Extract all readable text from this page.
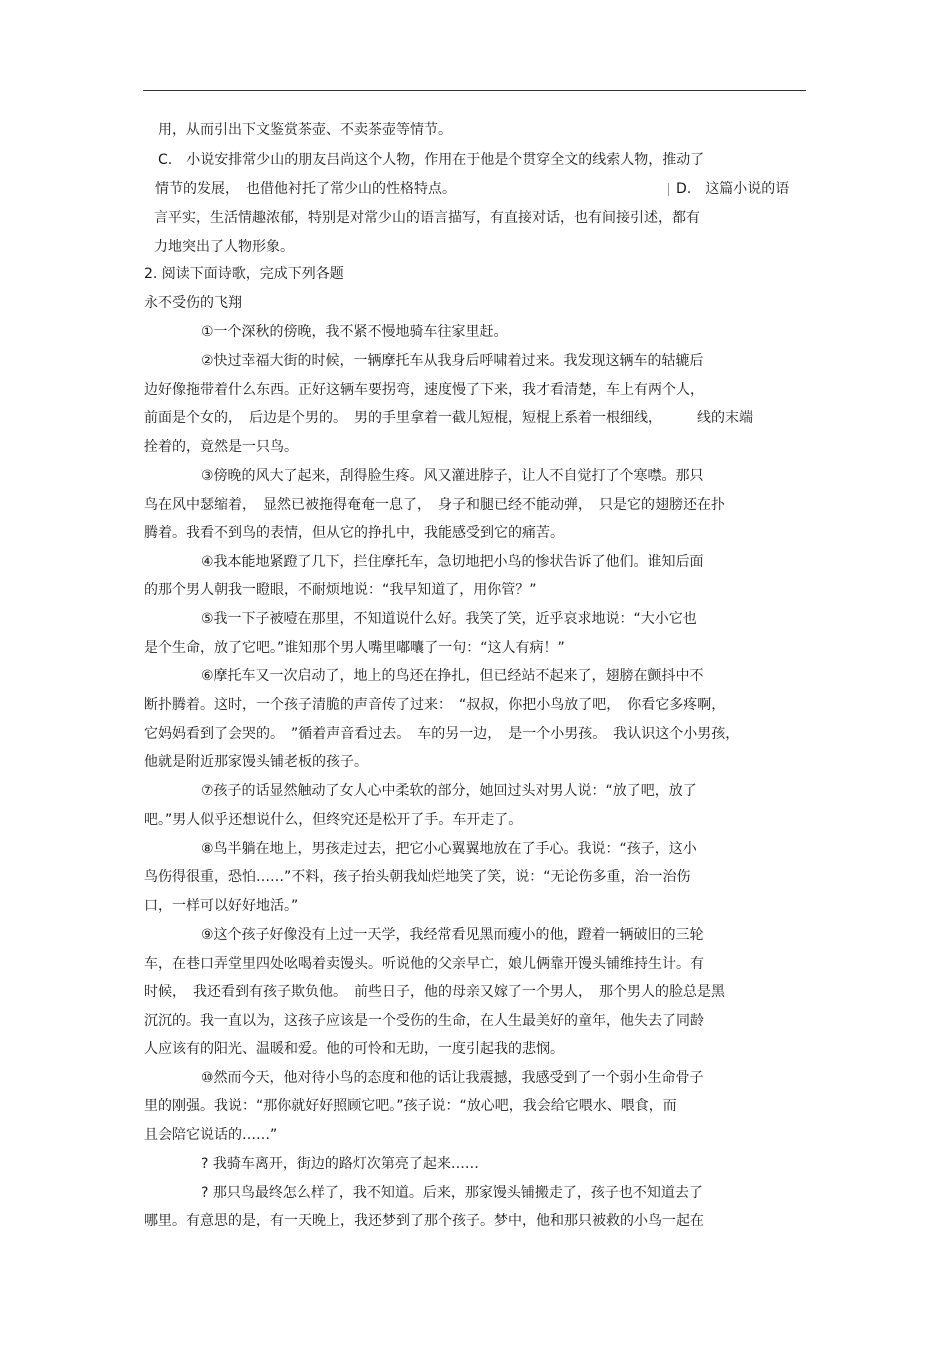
用，从而引出下文鉴赏茶壶、不卖茶壶等情节。
C.　小说安排常少山的朋友吕尚这个人物，作用在于他是个贯穿全文的线索人物，推动了
情节的发展，　也借他衬托了常少山的性格特点。	D.　这篇小说的语
言平实，生活情趣浓郁，特别是对常少山的语言描写，有直接对话，也有间接引述，都有
力地突出了人物形象。
2. 阅读下面诗歌，完成下列各题
永不受伤的飞翔
①一个深秋的傍晚，我不紧不慢地骑车往家里赶。
②快过幸福大街的时候，一辆摩托车从我身后呼啸着过来。我发现这辆车的轱辘后
边好像拖带着什么东西。正好这辆车要拐弯，速度慢了下来，我才看清楚，车上有两个人，
前面是个女的，　后边是个男的。　男的手里拿着一截儿短棍，短棍上系着一根细线，　　　线的末端
拴着的，竟然是一只鸟。
③傍晚的风大了起来，刮得脸生疼。风又灌进脖子，让人不自觉打了个寒噤。那只
鸟在风中瑟缩着，　显然已被拖得奄奄一息了，　身子和腿已经不能动弹，　只是它的翅膀还在扑
腾着。我看不到鸟的表情，但从它的挣扎中，我能感受到它的痛苦。
④我本能地紧蹬了几下，拦住摩托车，急切地把小鸟的惨状告诉了他们。谁知后面
的那个男人朝我一瞪眼，不耐烦地说：“我早知道了，用你管？”
⑤我一下子被噎在那里，不知道说什么好。我笑了笑，近乎哀求地说：“大小它也
是个生命，放了它吧。”谁知那个男人嘴里嘟囔了一句：“这人有病！”
⑥摩托车又一次启动了，地上的鸟还在挣扎，但已经站不起来了，翅膀在颤抖中不
断扑腾着。这时，一个孩子清脆的声音传了过来：　“叔叔，你把小鸟放了吧，　你看它多疼啊，
它妈妈看到了会哭的。　”循着声音看过去。　车的另一边，　是一个小男孩。　我认识这个小男孩，
他就是附近那家馒头铺老板的孩子。
⑦孩子的话显然触动了女人心中柔软的部分，她回过头对男人说：“放了吧，放了
吧。”男人似乎还想说什么，但终究还是松开了手。车开走了。
⑧鸟半躺在地上，男孩走过去，把它小心翼翼地放在了手心。我说：“孩子，这小
鸟伤得很重，恐怕……”不料，孩子抬头朝我灿烂地笑了笑，说：“无论伤多重，治一治伤
口，一样可以好好地活。”
⑨这个孩子好像没有上过一天学，我经常看见黑而瘦小的他，蹬着一辆破旧的三轮
车，在巷口弄堂里四处吆喝着卖馒头。听说他的父亲早亡，娘儿俩靠开馒头铺维持生计。有
时候，　我还看到有孩子欺负他。　前些日子，他的母亲又嫁了一个男人，　那个男人的脸总是黑
沉沉的。我一直以为，这孩子应该是一个受伤的生命，在人生最美好的童年，他失去了同龄
人应该有的阳光、温暖和爱。他的可怜和无助，一度引起我的悲悯。
⑩然而今天，他对待小鸟的态度和他的话让我震撼，我感受到了一个弱小生命骨子
里的刚强。我说：“那你就好好照顾它吧。”孩子说：“放心吧，我会给它喂水、喂食，而
且会陪它说话的……”
? 我骑车离开，街边的路灯次第亮了起来……
? 那只鸟最终怎么样了，我不知道。后来，那家馒头铺搬走了，孩子也不知道去了
哪里。有意思的是，有一天晚上，我还梦到了那个孩子。梦中，他和那只被救的小鸟一起在
